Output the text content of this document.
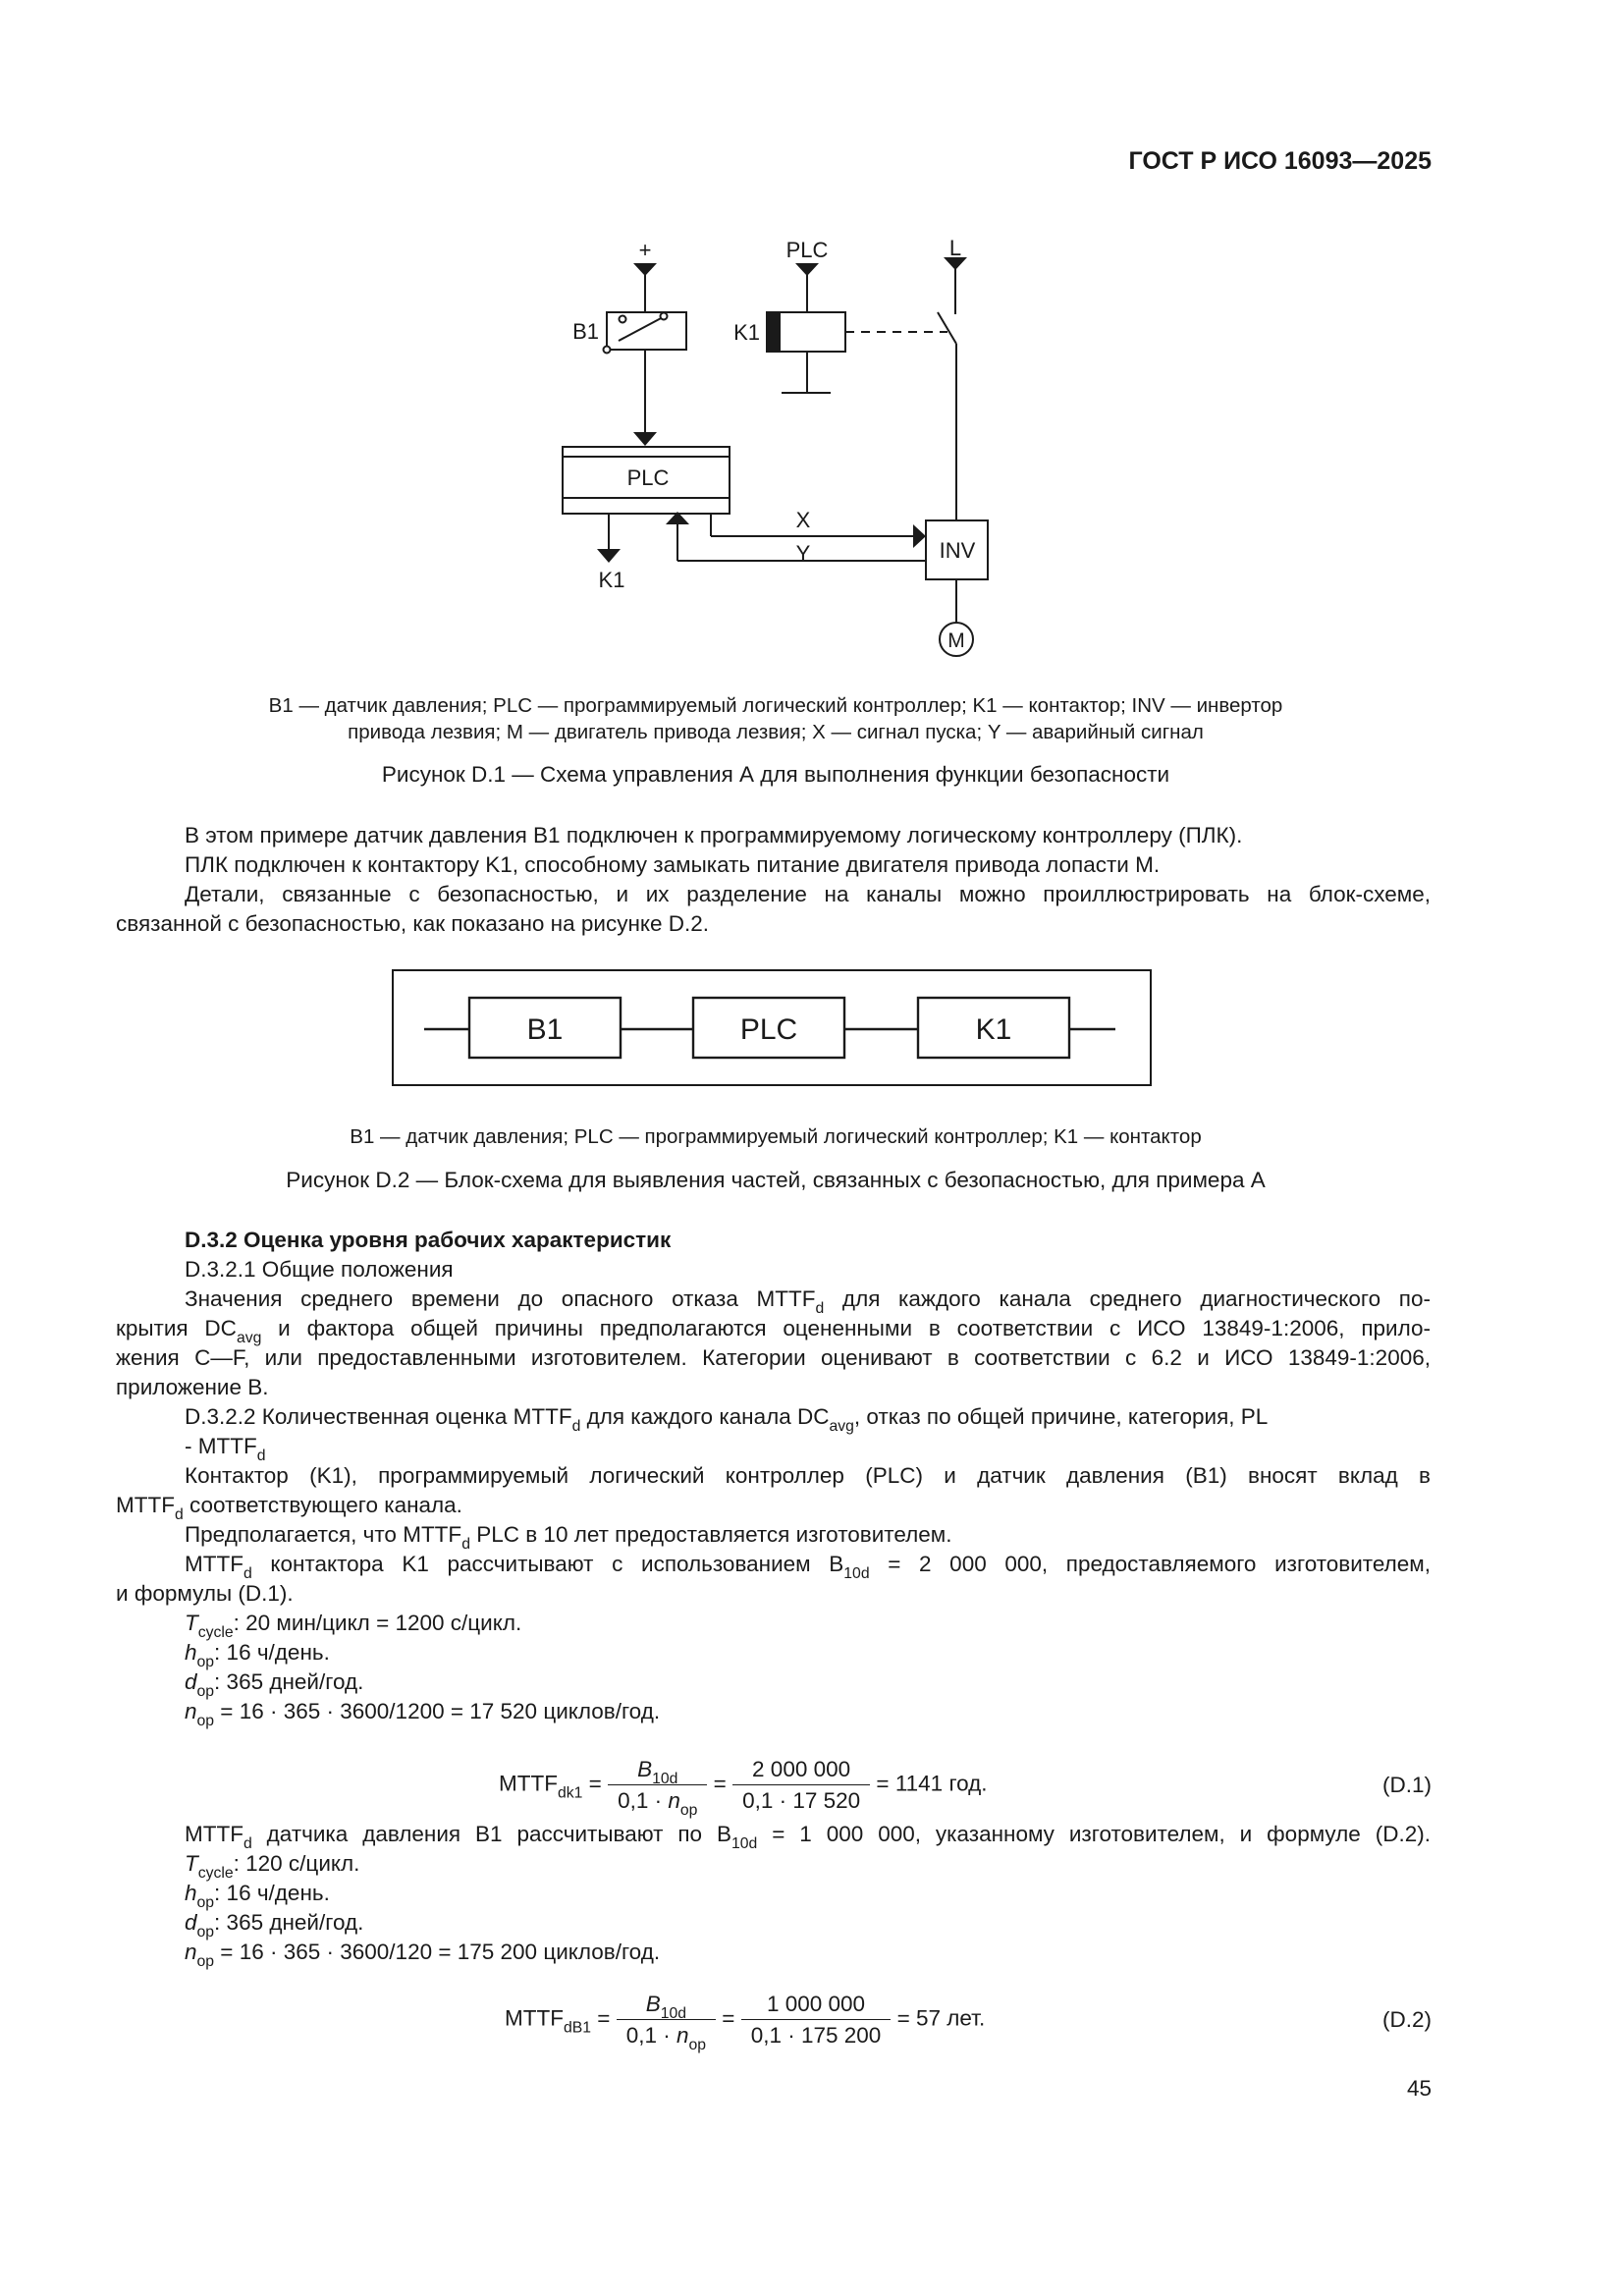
ГОСТ Р ИСО 16093—2025
+	PLC	L
B1	K1
PLC
X
Y	INV
K1
M
B1 — датчик давления; PLC — программируемый логический контроллер; K1 — контактор; INV — инвертор
привода лезвия; M — двигатель привода лезвия; X — сигнал пуска; Y — аварийный сигнал
Рисунок D.1 — Схема управления А для выполнения функции безопасности
В этом примере датчик давления B1 подключен к программируемому логическому контроллеру (ПЛК).
ПЛК подключен к контактору K1, способному замыкать питание двигателя привода лопасти M.
Детали, связанные с безопасностью, и их разделение на каналы можно проиллюстрировать на блок-схеме,
связанной с безопасностью, как показано на рисунке D.2.
B1	PLC	K1
B1 — датчик давления; PLC — программируемый логический контроллер; K1 — контактор
Рисунок D.2 — Блок-схема для выявления частей, связанных с безопасностью, для примера А
D.3.2 Оценка уровня рабочих характеристик
D.3.2.1 Общие положения
Значения среднего времени до опасного отказа $MTTF_d$ для каждого канала среднего диагностического по-
крытия $DC_{avg}$ и фактора общей причины предполагаются оцененными в соответствии с ИСО 13849-1:2006, прило-
жения C—F, или предоставленными изготовителем. Категории оценивают в соответствии с 6.2 и ИСО 13849-1:2006,
приложение B.
D.3.2.2 Количественная оценка $MTTF_d$ для каждого канала $DC_{avg}$, отказ по общей причине, категория, PL
- $MTTF_d$
Контактор (K1), программируемый логический контроллер (PLC) и датчик давления (B1) вносят вклад в
$MTTF_d$ соответствующего канала.
Предполагается, что $MTTF_d$ PLC в 10 лет предоставляется изготовителем.
$MTTF_d$ контактора K1 рассчитывают с использованием $B_{10d} = 2$ 000 000, предоставляемого изготовителем,
и формулы (D.1).
$T_{cycle}$: 20 мин/цикл = 1200 с/цикл.
$h_{op}$: 16 ч/день.
$d_{op}$: 365 дней/год.
$n_{op} = 16 \cdot 365 \cdot 3600/1200 = 17$ 520 циклов/год.
$MTTF_{dk1} = \frac{B_{10d}}{0,1 \cdot n_{op}} = \frac{2 000 000}{0,1 \cdot 17 520} = 1141$ год.	(D.1)
$MTTF_d$ датчика давления B1 рассчитывают по $B_{10d} = 1$ 000 000, указанному изготовителем, и формуле (D.2).
$T_{cycle}$: 120 с/цикл.
$h_{op}$: 16 ч/день.
$d_{op}$: 365 дней/год.
$n_{op} = 16 \cdot 365 \cdot 3600/120 = 175$ 200 циклов/год.
$MTTF_{dB1} = \frac{B_{10d}}{0,1 \cdot n_{op}} = \frac{1 000 000}{0,1 \cdot 175 200} = 57$ лет.	(D.2)
45
